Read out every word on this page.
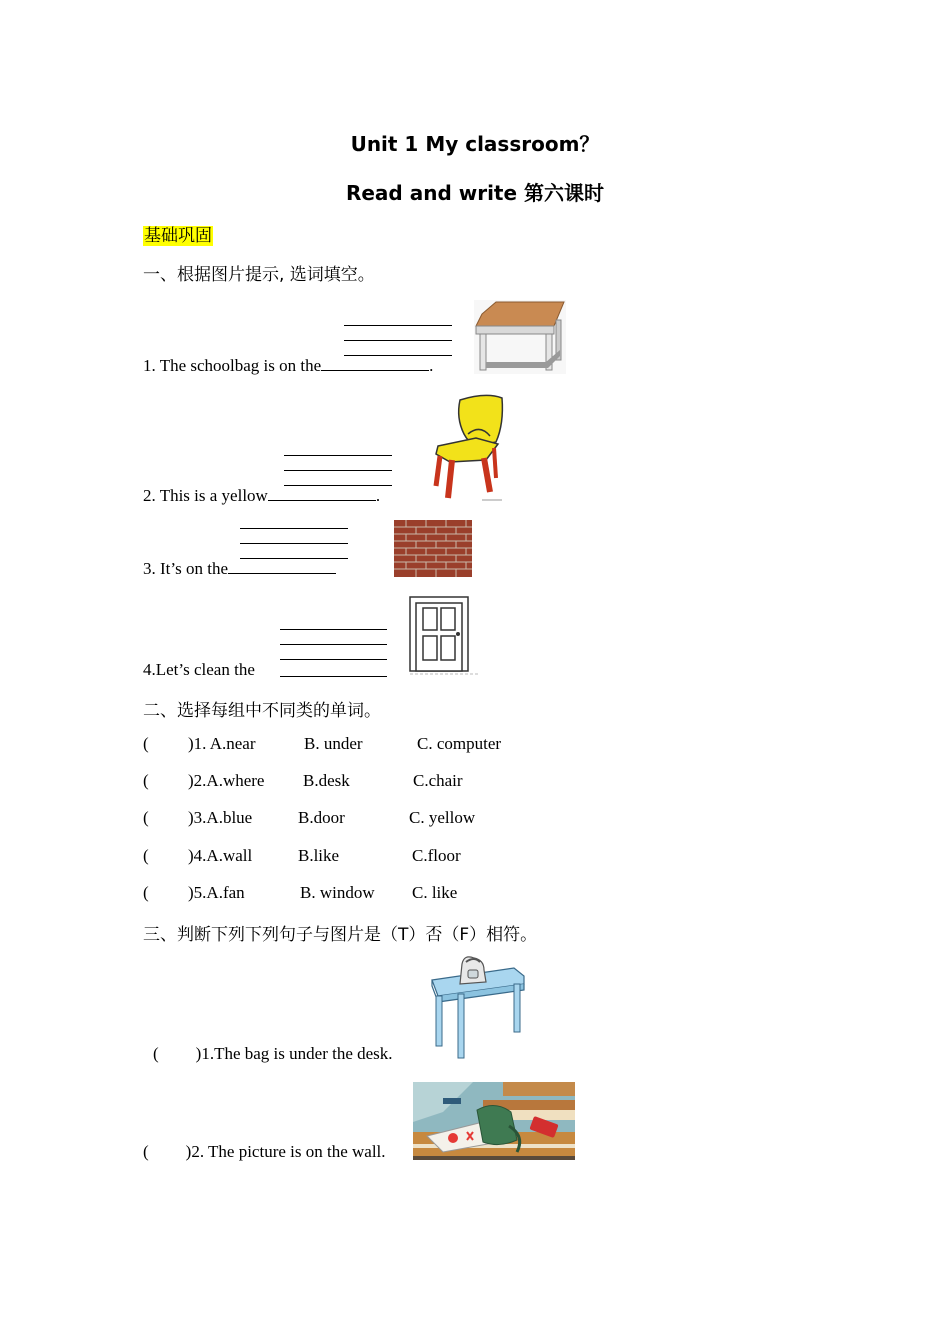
Unit 1 My classroom？
Read and write 第六课时
基础巩固
一、根据图片提示, 选词填空。
1. The schoolbag is on the	.
2. This is a yellow	.
3. It’s on the
4.Let’s clean the
二、选择每组中不同类的单词。
( )1. A.near	B. under	C. computer
( )2.A.where B.desk	C.chair
( )3.A.blue	B.door	C. yellow
( )4.A.wall	B.like	C.floor
( )5.A.fan	B. window C. like
三、判断下列下列句子与图片是（T）否（F）相符。
( )1.The bag is under the desk.
( )2. The picture is on the wall.
